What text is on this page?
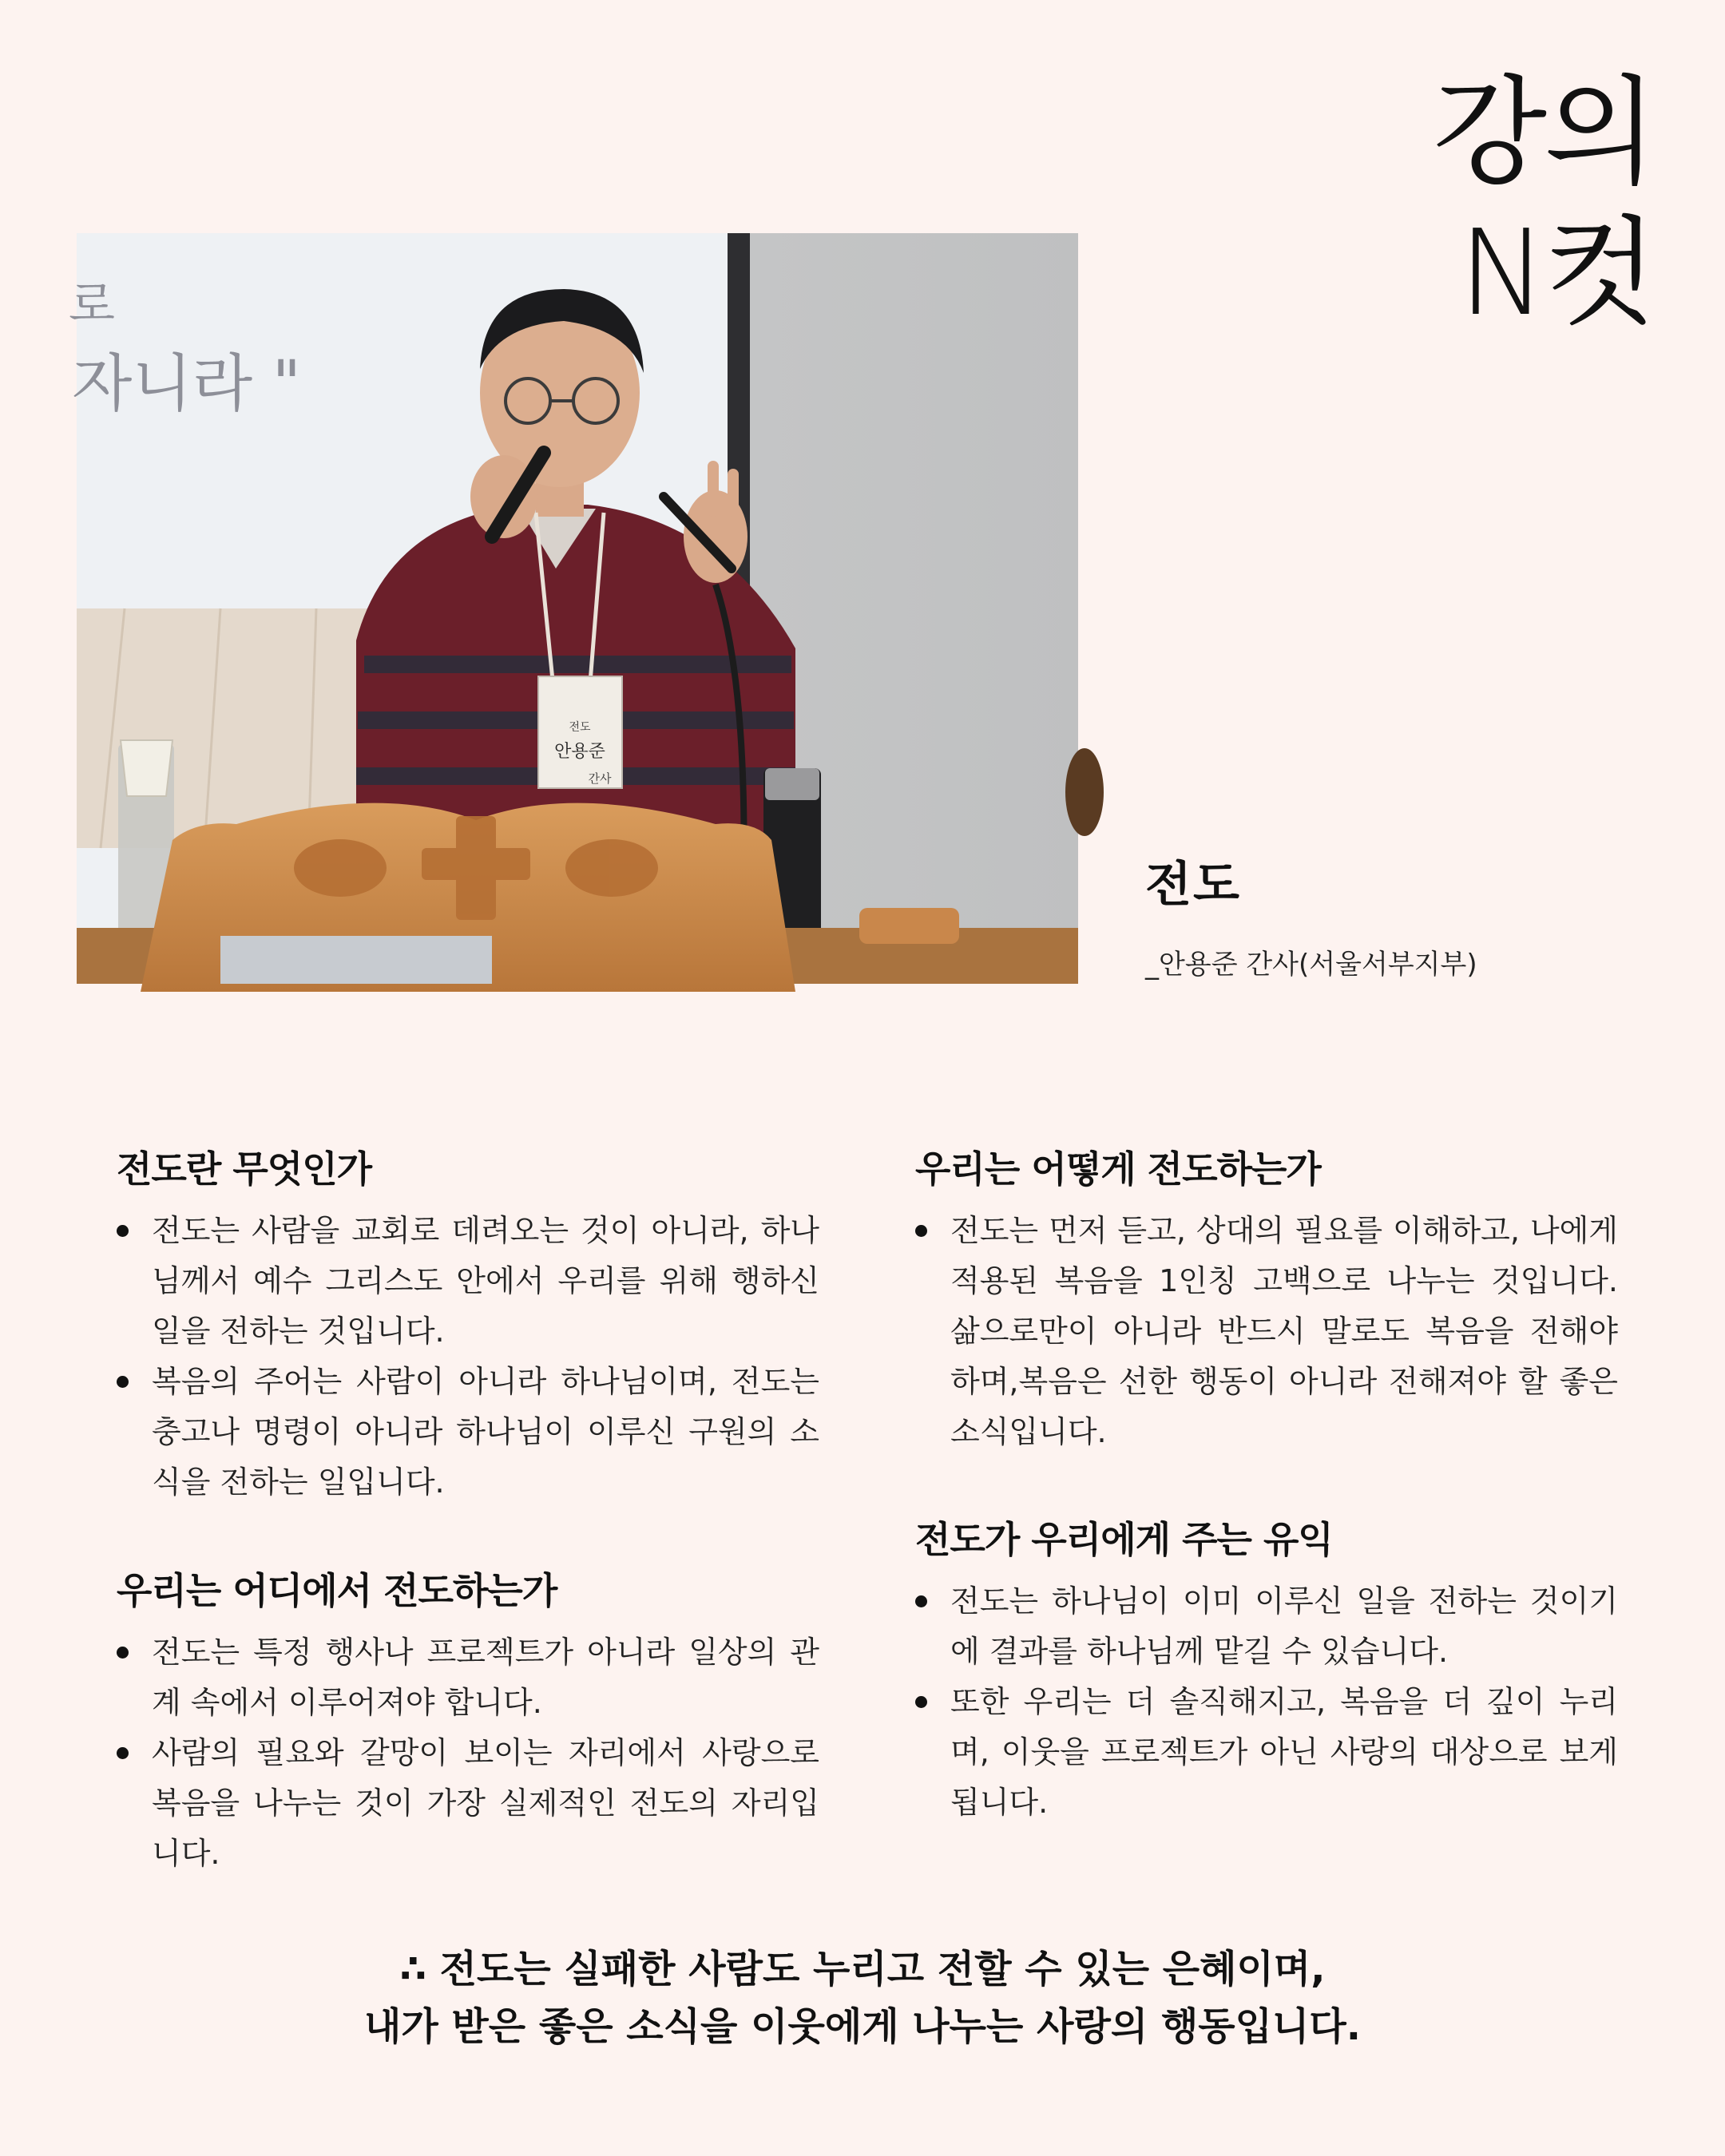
강의
N컷
로
자니라 "
전도
안용준
간사
전도
_안용준 간사(서울서부지부)
전도란 무엇인가
전도는 사람을 교회로 데려오는 것이 아니라, 하나님께서 예수 그리스도 안에서 우리를 위해 행하신 일을 전하는 것입니다.
복음의 주어는 사람이 아니라 하나님이며, 전도는 충고나 명령이 아니라 하나님이 이루신 구원의 소식을 전하는 일입니다.
우리는 어디에서 전도하는가
전도는 특정 행사나 프로젝트가 아니라 일상의 관계 속에서 이루어져야 합니다.
사람의 필요와 갈망이 보이는 자리에서 사랑으로 복음을 나누는 것이 가장 실제적인 전도의 자리입니다.
우리는 어떻게 전도하는가
전도는 먼저 듣고, 상대의 필요를 이해하고, 나에게 적용된 복음을 1인칭 고백으로 나누는 것입니다. 삶으로만이 아니라 반드시 말로도 복음을 전해야 하며,복음은 선한 행동이 아니라 전해져야 할 좋은 소식입니다.
전도가 우리에게 주는 유익
전도는 하나님이 이미 이루신 일을 전하는 것이기에 결과를 하나님께 맡길 수 있습니다.
또한 우리는 더 솔직해지고, 복음을 더 깊이 누리며, 이웃을 프로젝트가 아닌 사랑의 대상으로 보게 됩니다.
∴ 전도는 실패한 사람도 누리고 전할 수 있는 은혜이며,
내가 받은 좋은 소식을 이웃에게 나누는 사랑의 행동입니다.
